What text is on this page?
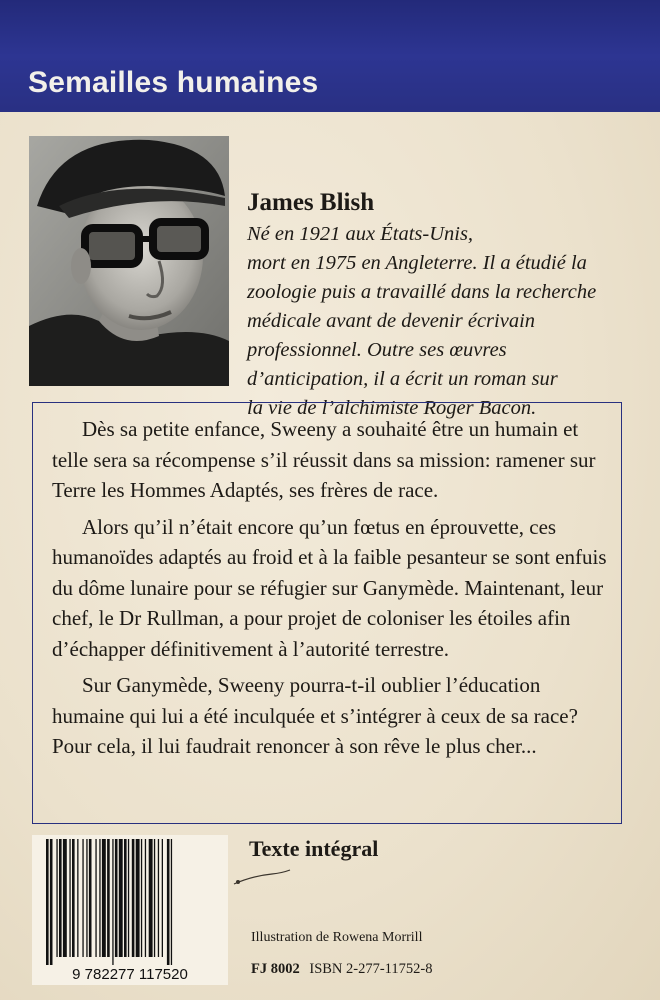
Semailles humaines

James Blish

Né en 1921 aux États-Unis,
mort en 1975 en Angleterre. Il a étudié la
zoologie puis a travaillé dans la recherche
médicale avant de devenir écrivain
professionnel. Outre ses œuvres
d’anticipation, il a écrit un roman sur
la vie de l’alchimiste Roger Bacon.

Dès sa petite enfance, Sweeny a souhaité être un humain et telle sera sa récompense s’il réussit dans sa mission: ramener sur Terre les Hommes Adaptés, ses frères de race.

Alors qu’il n’était encore qu’un fœtus en éprouvette, ces humanoïdes adaptés au froid et à la faible pesanteur se sont enfuis du dôme lunaire pour se réfugier sur Ganymède. Maintenant, leur chef, le Dr Rullman, a pour projet de coloniser les étoiles afin d’échapper définitivement à l’autorité terrestre.

Sur Ganymède, Sweeny pourra-t-il oublier l’éducation humaine qui lui a été inculquée et s’intégrer à ceux de sa race? Pour cela, il lui faudrait renoncer à son rêve le plus cher...

9 782277 117520
Texte intégral
Illustration de Rowena Morrill
FJ 8002 ISBN 2-277-11752-8
